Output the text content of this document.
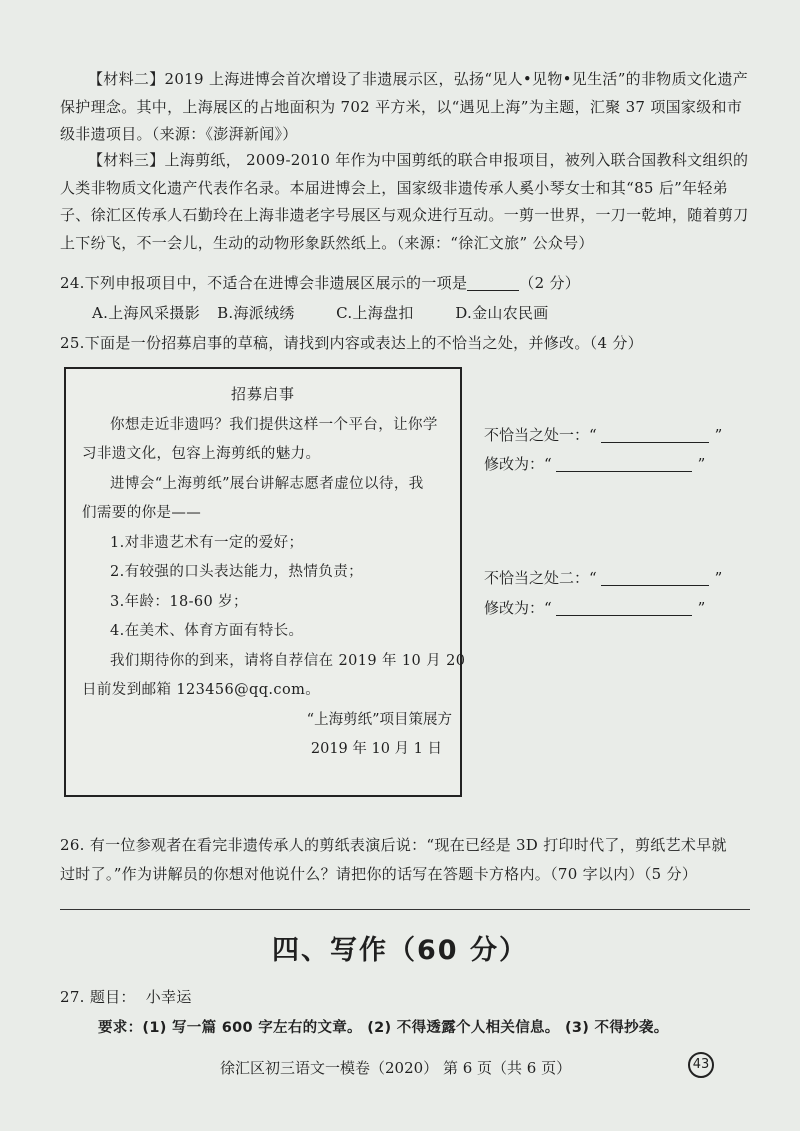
【材料二】2019 上海进博会首次增设了非遗展示区，弘扬“见人•见物•见生活”的非物质文化遗产保护理念。其中，上海展区的占地面积为 702 平方米，以“遇见上海”为主题，汇聚 37 项国家级和市级非遗项目。（来源：《澎湃新闻》）
【材料三】上海剪纸， 2009-2010 年作为中国剪纸的联合申报项目，被列入联合国教科文组织的人类非物质文化遗产代表作名录。本届进博会上，国家级非遗传承人奚小琴女士和其“85 后”年轻弟子、徐汇区传承人石勤玲在上海非遗老字号展区与观众进行互动。一剪一世界，一刀一乾坤，随着剪刀上下纷飞，不一会儿，生动的动物形象跃然纸上。（来源：“徐汇文旅” 公众号）
24.下列申报项目中，不适合在进博会非遗展区展示的一项是	（2 分）
A.上海风采摄影 B.海派绒绣	C.上海盘扣	D.金山农民画
25.下面是一份招募启事的草稿，请找到内容或表达上的不恰当之处，并修改。（4 分）
招募启事
你想走近非遗吗？我们提供这样一个平台，让你学
习非遗文化，包容上海剪纸的魅力。
进博会“上海剪纸”展台讲解志愿者虚位以待，我
们需要的你是——
1.对非遗艺术有一定的爱好；
2.有较强的口头表达能力，热情负责；
3.年龄：18-60 岁；
4.在美术、体育方面有特长。
我们期待你的到来，请将自荐信在 2019 年 10 月 20
日前发到邮箱 123456@qq.com。
“上海剪纸”项目策展方
2019 年 10 月 1 日
不恰当之处一：“	”
修改为：“	”
不恰当之处二：“	”
修改为：“	”
26. 有一位参观者在看完非遗传承人的剪纸表演后说：“现在已经是 3D 打印时代了，剪纸艺术早就
过时了。”作为讲解员的你想对他说什么？请把你的话写在答题卡方格内。（70 字以内）（5 分）
四、写作（60 分）
27. 题目： 小幸运
要求：(1) 写一篇 600 字左右的文章。 (2) 不得透露个人相关信息。 (3) 不得抄袭。
徐汇区初三语文一模卷（2020） 第 6 页（共 6 页）	43
